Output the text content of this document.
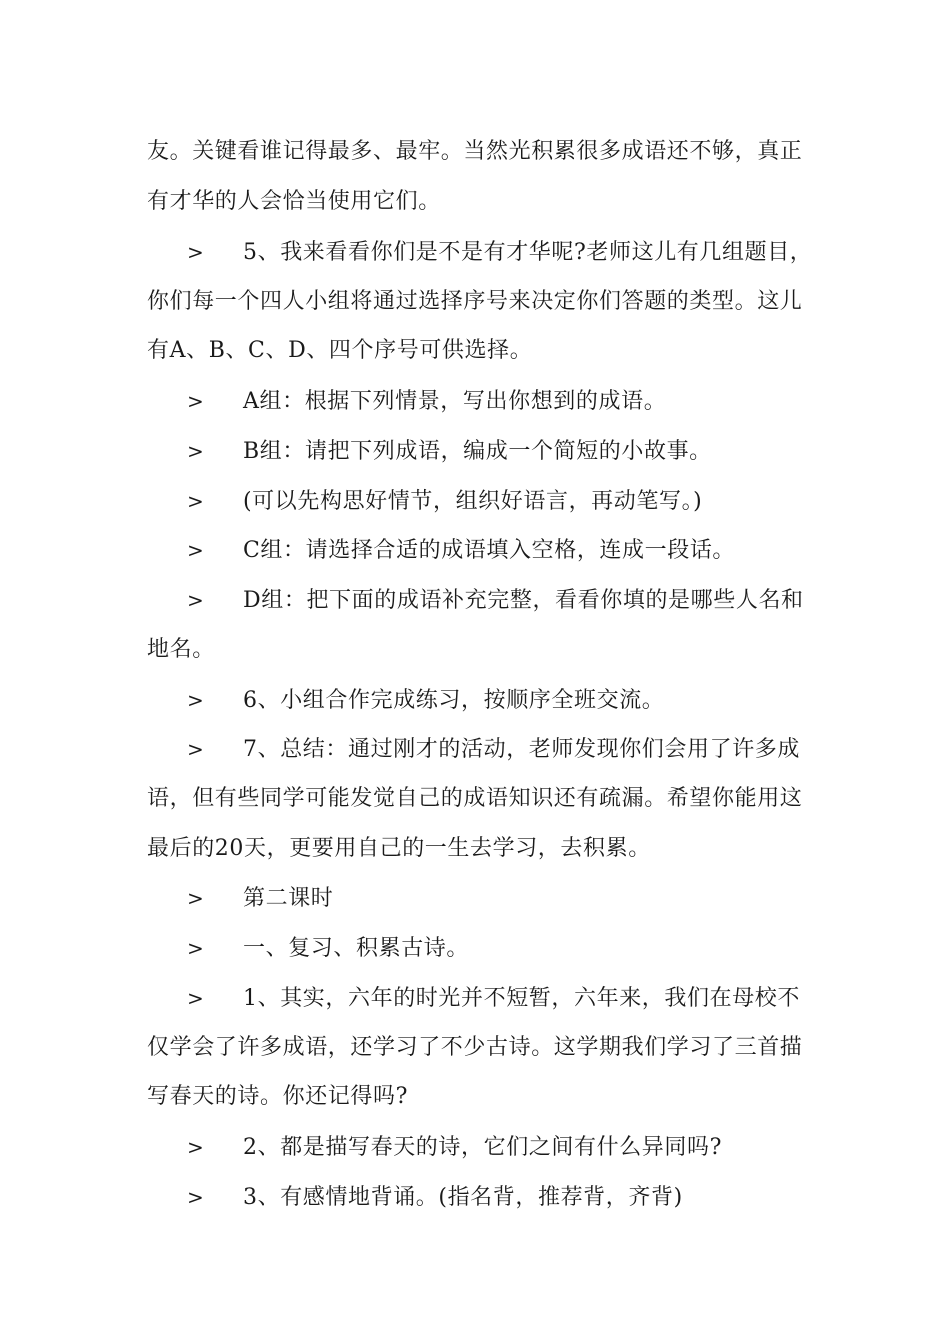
友。关键看谁记得最多、最牢。当然光积累很多成语还不够，真正
有才华的人会恰当使用它们。
> 5、我来看看你们是不是有才华呢?老师这儿有几组题目，
你们每一个四人小组将通过选择序号来决定你们答题的类型。这儿
有A、B、C、D、四个序号可供选择。
> A组：根据下列情景，写出你想到的成语。
> B组：请把下列成语，编成一个简短的小故事。
> (可以先构思好情节，组织好语言，再动笔写。)
> C组：请选择合适的成语填入空格，连成一段话。
> D组：把下面的成语补充完整，看看你填的是哪些人名和
地名。
> 6、小组合作完成练习，按顺序全班交流。
> 7、总结：通过刚才的活动，老师发现你们会用了许多成
语，但有些同学可能发觉自己的成语知识还有疏漏。希望你能用这
最后的20天，更要用自己的一生去学习，去积累。
> 第二课时
> 一、复习、积累古诗。
> 1、其实，六年的时光并不短暂，六年来，我们在母校不
仅学会了许多成语，还学习了不少古诗。这学期我们学习了三首描
写春天的诗。你还记得吗?
> 2、都是描写春天的诗，它们之间有什么异同吗?
> 3、有感情地背诵。(指名背，推荐背，齐背)
